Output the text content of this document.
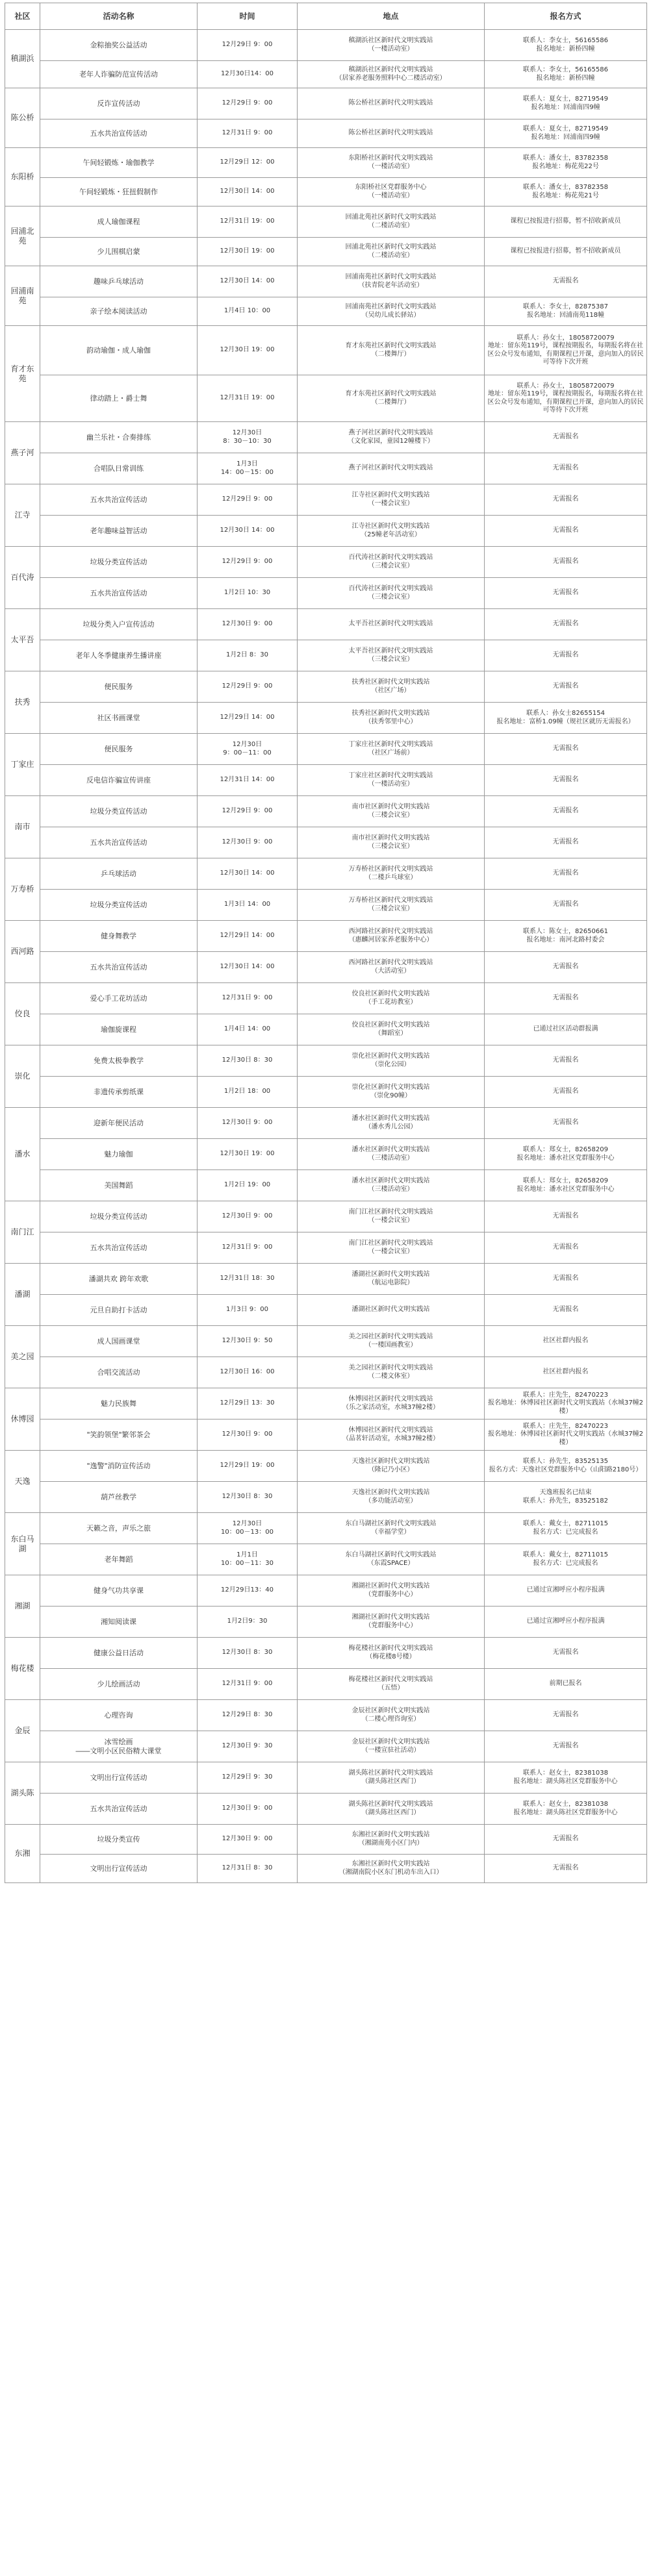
社区	活动名称	时间	地点	报名方式
稹湖浜	金粽抽奖公益活动	12月29日 9：00	稹湖浜社区新时代文明实践站
（一楼活动室）	联系人：李女士，56165586
报名地址：新桥四幢
	老年人诈骗防范宣传活动	12月30日14：00	稹湖浜社区新时代文明实践站
（居家养老服务照料中心二楼活动室）	联系人：李女士，56165586
报名地址：新桥四幢
陈公桥	反诈宣传活动	12月29日 9：00	陈公桥社区新时代文明实践站	联系人：夏女士，82719549
报名地址：回浦南四9幢
	五水共治宣传活动	12月31日 9：00	陈公桥社区新时代文明实践站	联系人：夏女士，82719549
报名地址：回浦南四9幢
东阳桥	午间轻锻炼・瑜伽教学	12月29日 12：00	东阳桥社区新时代文明实践站
（一楼活动室）	联系人：潘女士，83782358
报名地址：梅花苑22号
	午间轻锻炼・狂扭假制作	12月30日 14：00	东阳桥社区党群服务中心
（一楼活动室）	联系人：潘女士，83782358
报名地址：梅花苑21号
回浦北苑	成人瑜伽课程	12月31日 19：00	回浦北苑社区新时代文明实践站
（二楼活动室）	课程已按报进行招募，暂不招收新成员
	少儿围棋启蒙	12月30日 19：00	回浦北苑社区新时代文明实践站
（二楼活动室）	课程已按报进行招募，暂不招收新成员
回浦南苑	趣味乒乓球活动	12月30日 14：00	回浦南苑社区新时代文明实践站
（扶青院老年活动室）	无需报名
	亲子绘本阅读活动	1月4日 10：00	回浦南苑社区新时代文明实践站
（吴幼儿成长驿站）	联系人：李女士，82875387
报名地址：回浦南苑118幢
育才东苑	韵动瑜伽・成人瑜伽	12月30日 19：00	育才东苑社区新时代文明实践站
（二楼舞厅）	联系人：孙女士，18058720079
地址：留东苑119号，课程按期报名，每期报名将在社区公众号发布通知，有期课程已开课，意向加入的居民可等待下次开班
	律动踏上・爵士舞	12月31日 19：00	育才东苑社区新时代文明实践站
（二楼舞厅）	联系人：孙女士，18058720079
地址：留东苑119号，课程按期报名，每期报名将在社区公众号发布通知，有期课程已开课，意向加入的居民可等待下次开班
燕子河	幽兰乐社・合奏排练	12月30日
8：30－10：30	燕子河社区新时代文明实践站
（文化家园，童园12幢楼下）	无需报名
	合唱队日常训练	1月3日
14：00－15：00	燕子河社区新时代文明实践站	无需报名
江寺	五水共治宣传活动	12月29日 9：00	江寺社区新时代文明实践站
（一楼会议室）	无需报名
	老年趣味益智活动	12月30日 14：00	江寺社区新时代文明实践站
（25幢老年活动室）	无需报名
百代涛	垃圾分类宣传活动	12月29日 9：00	百代涛社区新时代文明实践站
（三楼会议室）	无需报名
	五水共治宣传活动	1月2日 10：30	百代涛社区新时代文明实践站
（三楼会议室）	无需报名
太平吾	垃圾分类入户宣传活动	12月30日 9：00	太平吾社区新时代文明实践站	无需报名
	老年人冬季健康养生播讲座	1月2日 8：30	太平吾社区新时代文明实践站
（三楼会议室）	无需报名
扶秀	便民服务	12月29日 9：00	扶秀社区新时代文明实践站
（社区广场）	无需报名
	社区书画课堂	12月29日 14：00	扶秀社区新时代文明实践站
（扶秀邻里中心）	联系人：孙女士82655154
报名地址：富桥1.09幢（规社区就历无需报名）
丁家庄	便民服务	12月30日
9：00－11：00	丁家庄社区新时代文明实践站
（社区广场前）	无需报名
	反电信诈骗宣传讲座	12月31日 14：00	丁家庄社区新时代文明实践站
（一楼活动室）	无需报名
南市	垃圾分类宣传活动	12月29日 9：00	南市社区新时代文明实践站
（三楼会议室）	无需报名
	五水共治宣传活动	12月30日 9：00	南市社区新时代文明实践站
（三楼会议室）	无需报名
万寿桥	乒乓球活动	12月30日 14：00	万寿桥社区新时代文明实践站
（二楼乒乓球室）	无需报名
	垃圾分类宣传活动	1月3日 14：00	万寿桥社区新时代文明实践站
（三楼会议室）	无需报名
西河路	健身舞教学	12月29日 14：00	西河路社区新时代文明实践站
（惠麟河居家养老服务中心）	联系人：陈女士，82650661
报名地址：南河北路村委会
	五水共治宣传活动	12月30日 14：00	西河路社区新时代文明实践站
（大活动室）	无需报名
佼良	爱心手工花坊活动	12月31日 9：00	佼良社区新时代文明实践站
（手工花坊教室）	无需报名
	瑜伽旋课程	1月4日 14：00	佼良社区新时代文明实践站
（舞蹈室）	已通过社区活动群报满
崇化	免费太极拳教学	12月30日 8：30	崇化社区新时代文明实践站
（崇化公园）	无需报名
	非遗传承剪纸课	1月2日 18：00	崇化社区新时代文明实践站
（崇化90幢）	无需报名
潘水	迎新年便民活动	12月30日 9：00	潘水社区新时代文明实践站
（潘水秀儿公园）	无需报名
	魅力瑜伽	12月30日 19：00	潘水社区新时代文明实践站
（三楼活动室）	联系人：郑女士，82658209
报名地址：潘水社区党群服务中心
	美国舞蹈	1月2日 19：00	潘水社区新时代文明实践站
（三楼活动室）	联系人：郑女士，82658209
报名地址：潘水社区党群服务中心
南门江	垃圾分类宣传活动	12月30日 9：00	南门江社区新时代文明实践站
（一楼会议室）	无需报名
	五水共治宣传活动	12月31日 9：00	南门江社区新时代文明实践站
（一楼会议室）	无需报名
潘湖	潘湖共欢 跨年欢歌	12月31日 18：30	潘湖社区新时代文明实践站
（航运电影院）	无需报名
	元旦自助打卡活动	1月3日 9：00	潘湖社区新时代文明实践站	无需报名
美之园	成人国画课堂	12月30日 9：50	美之园社区新时代文明实践站
（一楼国画教室）	社区社群内报名
	合唱交流活动	12月30日 16：00	美之园社区新时代文明实践站
（二楼文体室）	社区社群内报名
休博园	魅力民族舞	12月29日 13：30	休博园社区新时代文明实践站
（乐之家活动室，水城37幢2楼）	联系人：庄先生，82470223
报名地址：休博园社区新时代文明实践站（水城37幢2楼）
	"笑韵领堡"繁邻茶会	12月30日 9：00	休博园社区新时代文明实践站
（品茗轩活动室，水城37幢2楼）	联系人：庄先生，82470223
报名地址：休博园社区新时代文明实践站（水城37幢2楼）
天逸	"逸警"消防宣传活动	12月29日 19：00	天逸社区新时代文明实践站
（隆记乃小区）	联系人：孙先生，83525135
报名方式：天逸社区党群服务中心（山阳路2180号）
	葫芦丝教学	12月30日 8：30	天逸社区新时代文明实践站
（多功能活动室）	天逸班报名已结束
联系人：孙先生，83525182
东白马湖	天籁之音，声乐之旅	12月30日
10：00－13：00	东白马湖社区新时代文明实践站
（幸福学堂）	联系人：戴女士，82711015
报名方式：已完成报名
	老年舞蹈	1月1日
10：00－11：30	东白马湖社区新时代文明实践站
（东霞SPACE）	联系人：戴女士，82711015
报名方式：已完成报名
湘湖	健身气功共享课	12月29日13：40	湘湖社区新时代文明实践站
（党群服务中心）	已通过宣湘呼应小程序报满
	湘知阅读课	1月2日9：30	湘湖社区新时代文明实践站
（党群服务中心）	已通过宣湘呼应小程序报满
梅花楼	健康公益日活动	12月30日 8：30	梅花楼社区新时代文明实践站
（梅花楼8号楼）	无需报名
	少儿绘画活动	12月31日 9：00	梅花楼社区新时代文明实践站
（五悟）	前期已报名
金辰	心理咨询	12月29日 8：30	金辰社区新时代文明实践站
（二楼心理咨询室）	无需报名
	冰雪绘画
――文明小区民俗精大课堂	12月30日 9：30	金辰社区新时代文明实践站
（一楼宣驻社活动）	无需报名
湖头陈	文明出行宣传活动	12月29日 9：30	湖头陈社区新时代文明实践站
（湖头陈社区西门）	联系人：赵女士，82381038
报名地址：湖头陈社区党群服务中心
	五水共治宣传活动	12月30日 9：00	湖头陈社区新时代文明实践站
（湖头陈社区西门）	联系人：赵女士，82381038
报名地址：湖头陈社区党群服务中心
东湘	垃圾分类宣传	12月30日 9：00	东湘社区新时代文明实践站
（湘湖南苑小区门内）	无需报名
	文明出行宣传活动	12月31日 8：30	东湘社区新时代文明实践站
（湘湖南院小区东门机动车出入口）	无需报名
